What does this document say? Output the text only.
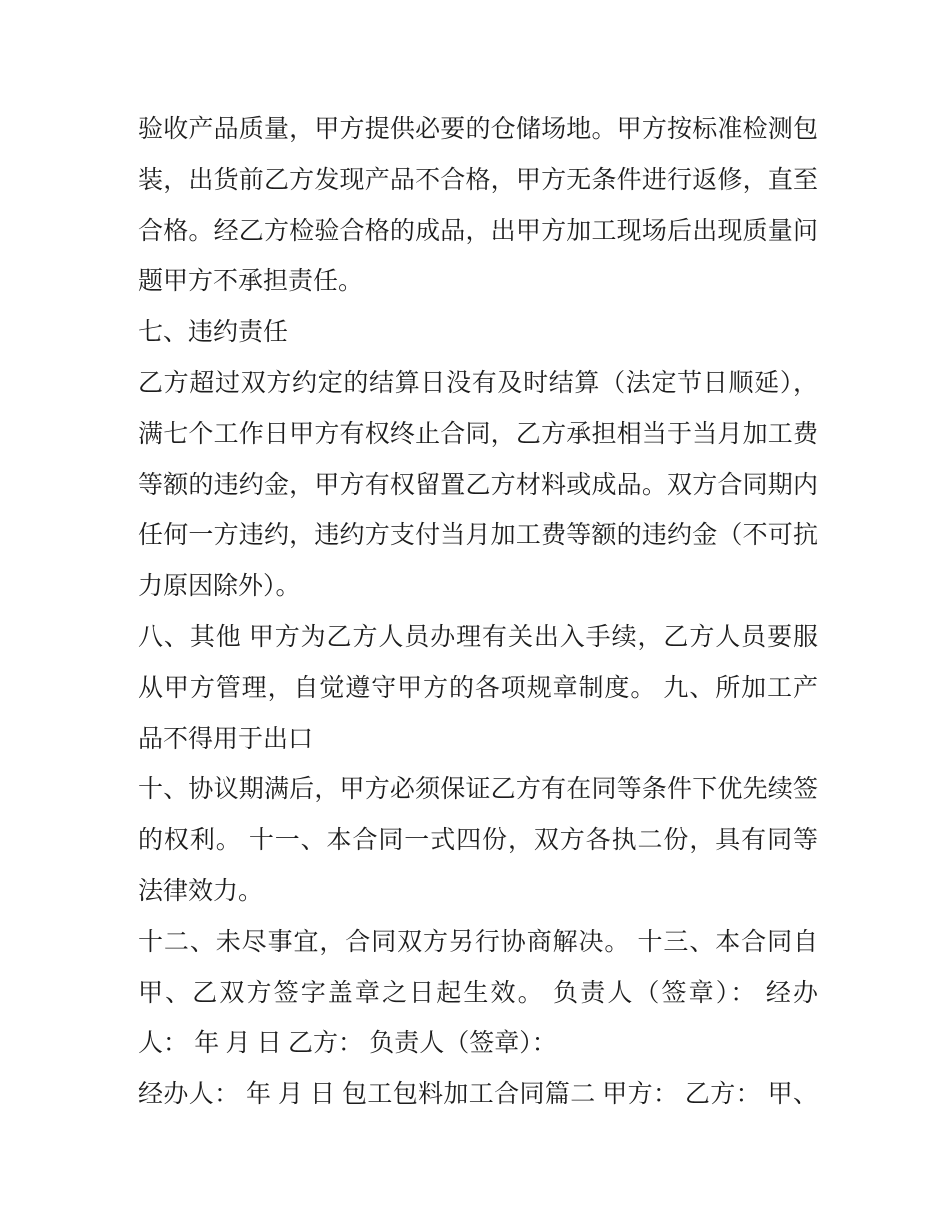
验收产品质量，甲方提供必要的仓储场地。甲方按标准检测包
装，出货前乙方发现产品不合格，甲方无条件进行返修，直至
合格。经乙方检验合格的成品，出甲方加工现场后出现质量问
题甲方不承担责任。
七、违约责任
乙方超过双方约定的结算日没有及时结算（法定节日顺延），
满七个工作日甲方有权终止合同，乙方承担相当于当月加工费
等额的违约金，甲方有权留置乙方材料或成品。双方合同期内
任何一方违约，违约方支付当月加工费等额的违约金（不可抗
力原因除外）。
八、其他 甲方为乙方人员办理有关出入手续，乙方人员要服
从甲方管理，自觉遵守甲方的各项规章制度。 九、所加工产
品不得用于出口
十、协议期满后，甲方必须保证乙方有在同等条件下优先续签
的权利。 十一、本合同一式四份，双方各执二份，具有同等
法律效力。
十二、未尽事宜，合同双方另行协商解决。 十三、本合同自
甲、乙双方签字盖章之日起生效。 负责人（签章）： 经办
人： 年 月 日 乙方： 负责人（签章）：
经办人： 年 月 日 包工包料加工合同篇二 甲方： 乙方： 甲、
